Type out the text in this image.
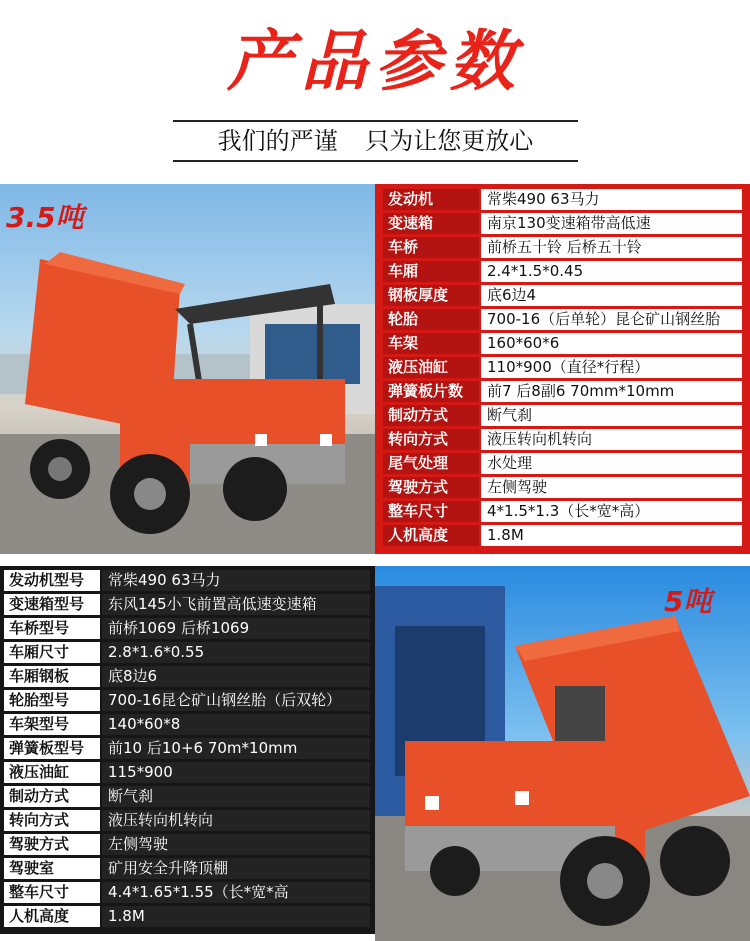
产品参数
我们的严谨 只为让您更放心
3.5吨
发动机	常柴490 63马力
变速箱	南京130变速箱带高低速
车桥	前桥五十铃 后桥五十铃
车厢	2.4*1.5*0.45
钢板厚度	底6边4
轮胎	700-16（后单轮）昆仑矿山钢丝胎
车架	160*60*6
液压油缸	110*900（直径*行程）
弹簧板片数	前7 后8副6 70mm*10mm
制动方式	断气刹
转向方式	液压转向机转向
尾气处理	水处理
驾驶方式	左侧驾驶
整车尺寸	4*1.5*1.3（长*宽*高）
人机高度	1.8M
发动机型号	常柴490 63马力
变速箱型号	东风145小飞前置高低速变速箱
车桥型号	前桥1069 后桥1069
车厢尺寸	2.8*1.6*0.55
车厢钢板	底8边6
轮胎型号	700-16昆仑矿山钢丝胎（后双轮）
车架型号	140*60*8
弹簧板型号	前10 后10+6 70m*10mm
液压油缸	115*900
制动方式	断气刹
转向方式	液压转向机转向
驾驶方式	左侧驾驶
驾驶室	矿用安全升降顶棚
整车尺寸	4.4*1.65*1.55（长*宽*高
人机高度	1.8M
5吨
